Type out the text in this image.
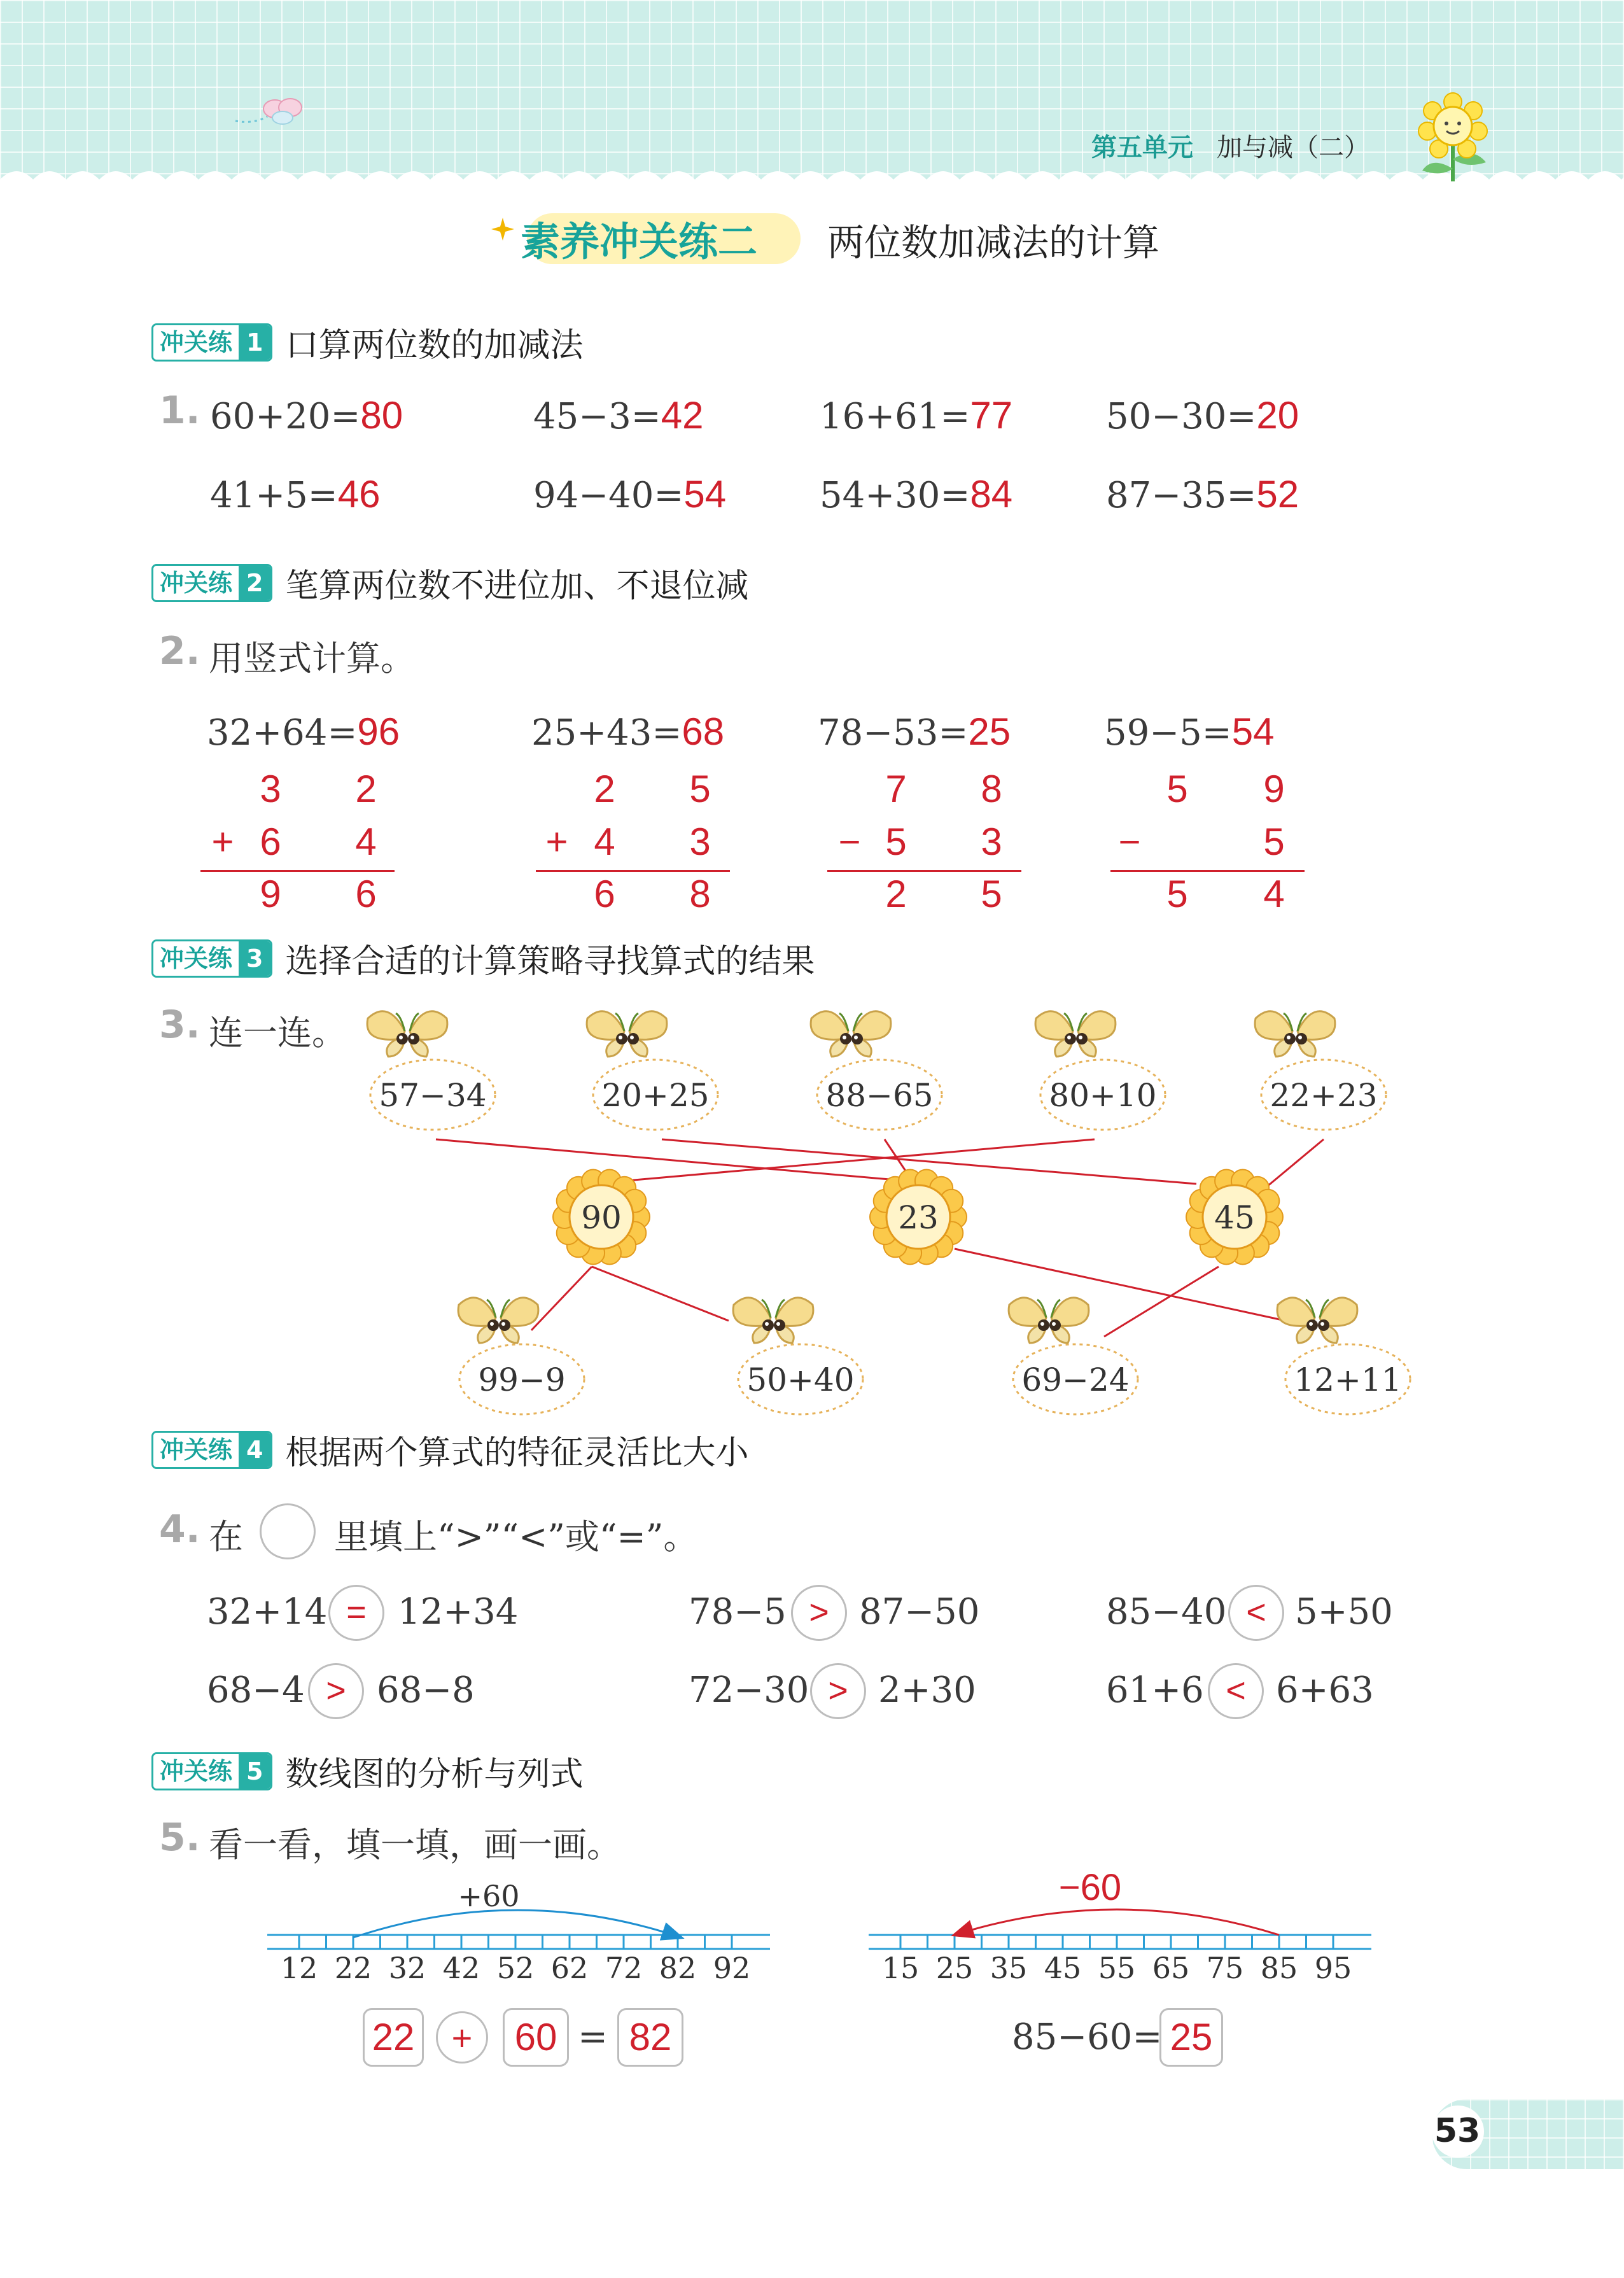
第五单元 加与减（二）
素养冲关练二 两位数加减法的计算
冲关练 1 口算两位数的加减法
1. 60+20=80	45−3=42	16+61=77	50−30=20
41+5=46	94−40=54	54+30=84	87−35=52
冲关练 2 笔算两位数不进位加、不退位减
2. 用竖式计算。
32+64=96
3 2
+ 6 4
9 6
25+43=68
2 5
+ 4 3
6 8
78−53=25
7 8
− 5 3
2 5
59−5=54
5 9
−	5
5 4
冲关练 3 选择合适的计算策略寻找算式的结果
3. 连一连。
57−34	20+25	88−65	80+10	22+23
90	23	45
99−9	50+40	69−24	12+11
冲关练 4 根据两个算式的特征灵活比大小
4. 在	里填上“>”“<”或“=”。
32+14 = 12+34	78−5 > 87−50	85−40 < 5+50
68−4 > 68−8	72−30 > 2+30	61+6 < 6+63
冲关练 5 数线图的分析与列式
5. 看一看，填一填，画一画。
+60
12 22 32 42 52 62 72 82 92
−60
15 25 35 45 55 65 75 85 95
22	+	60 = 82	85−60= 25
53
